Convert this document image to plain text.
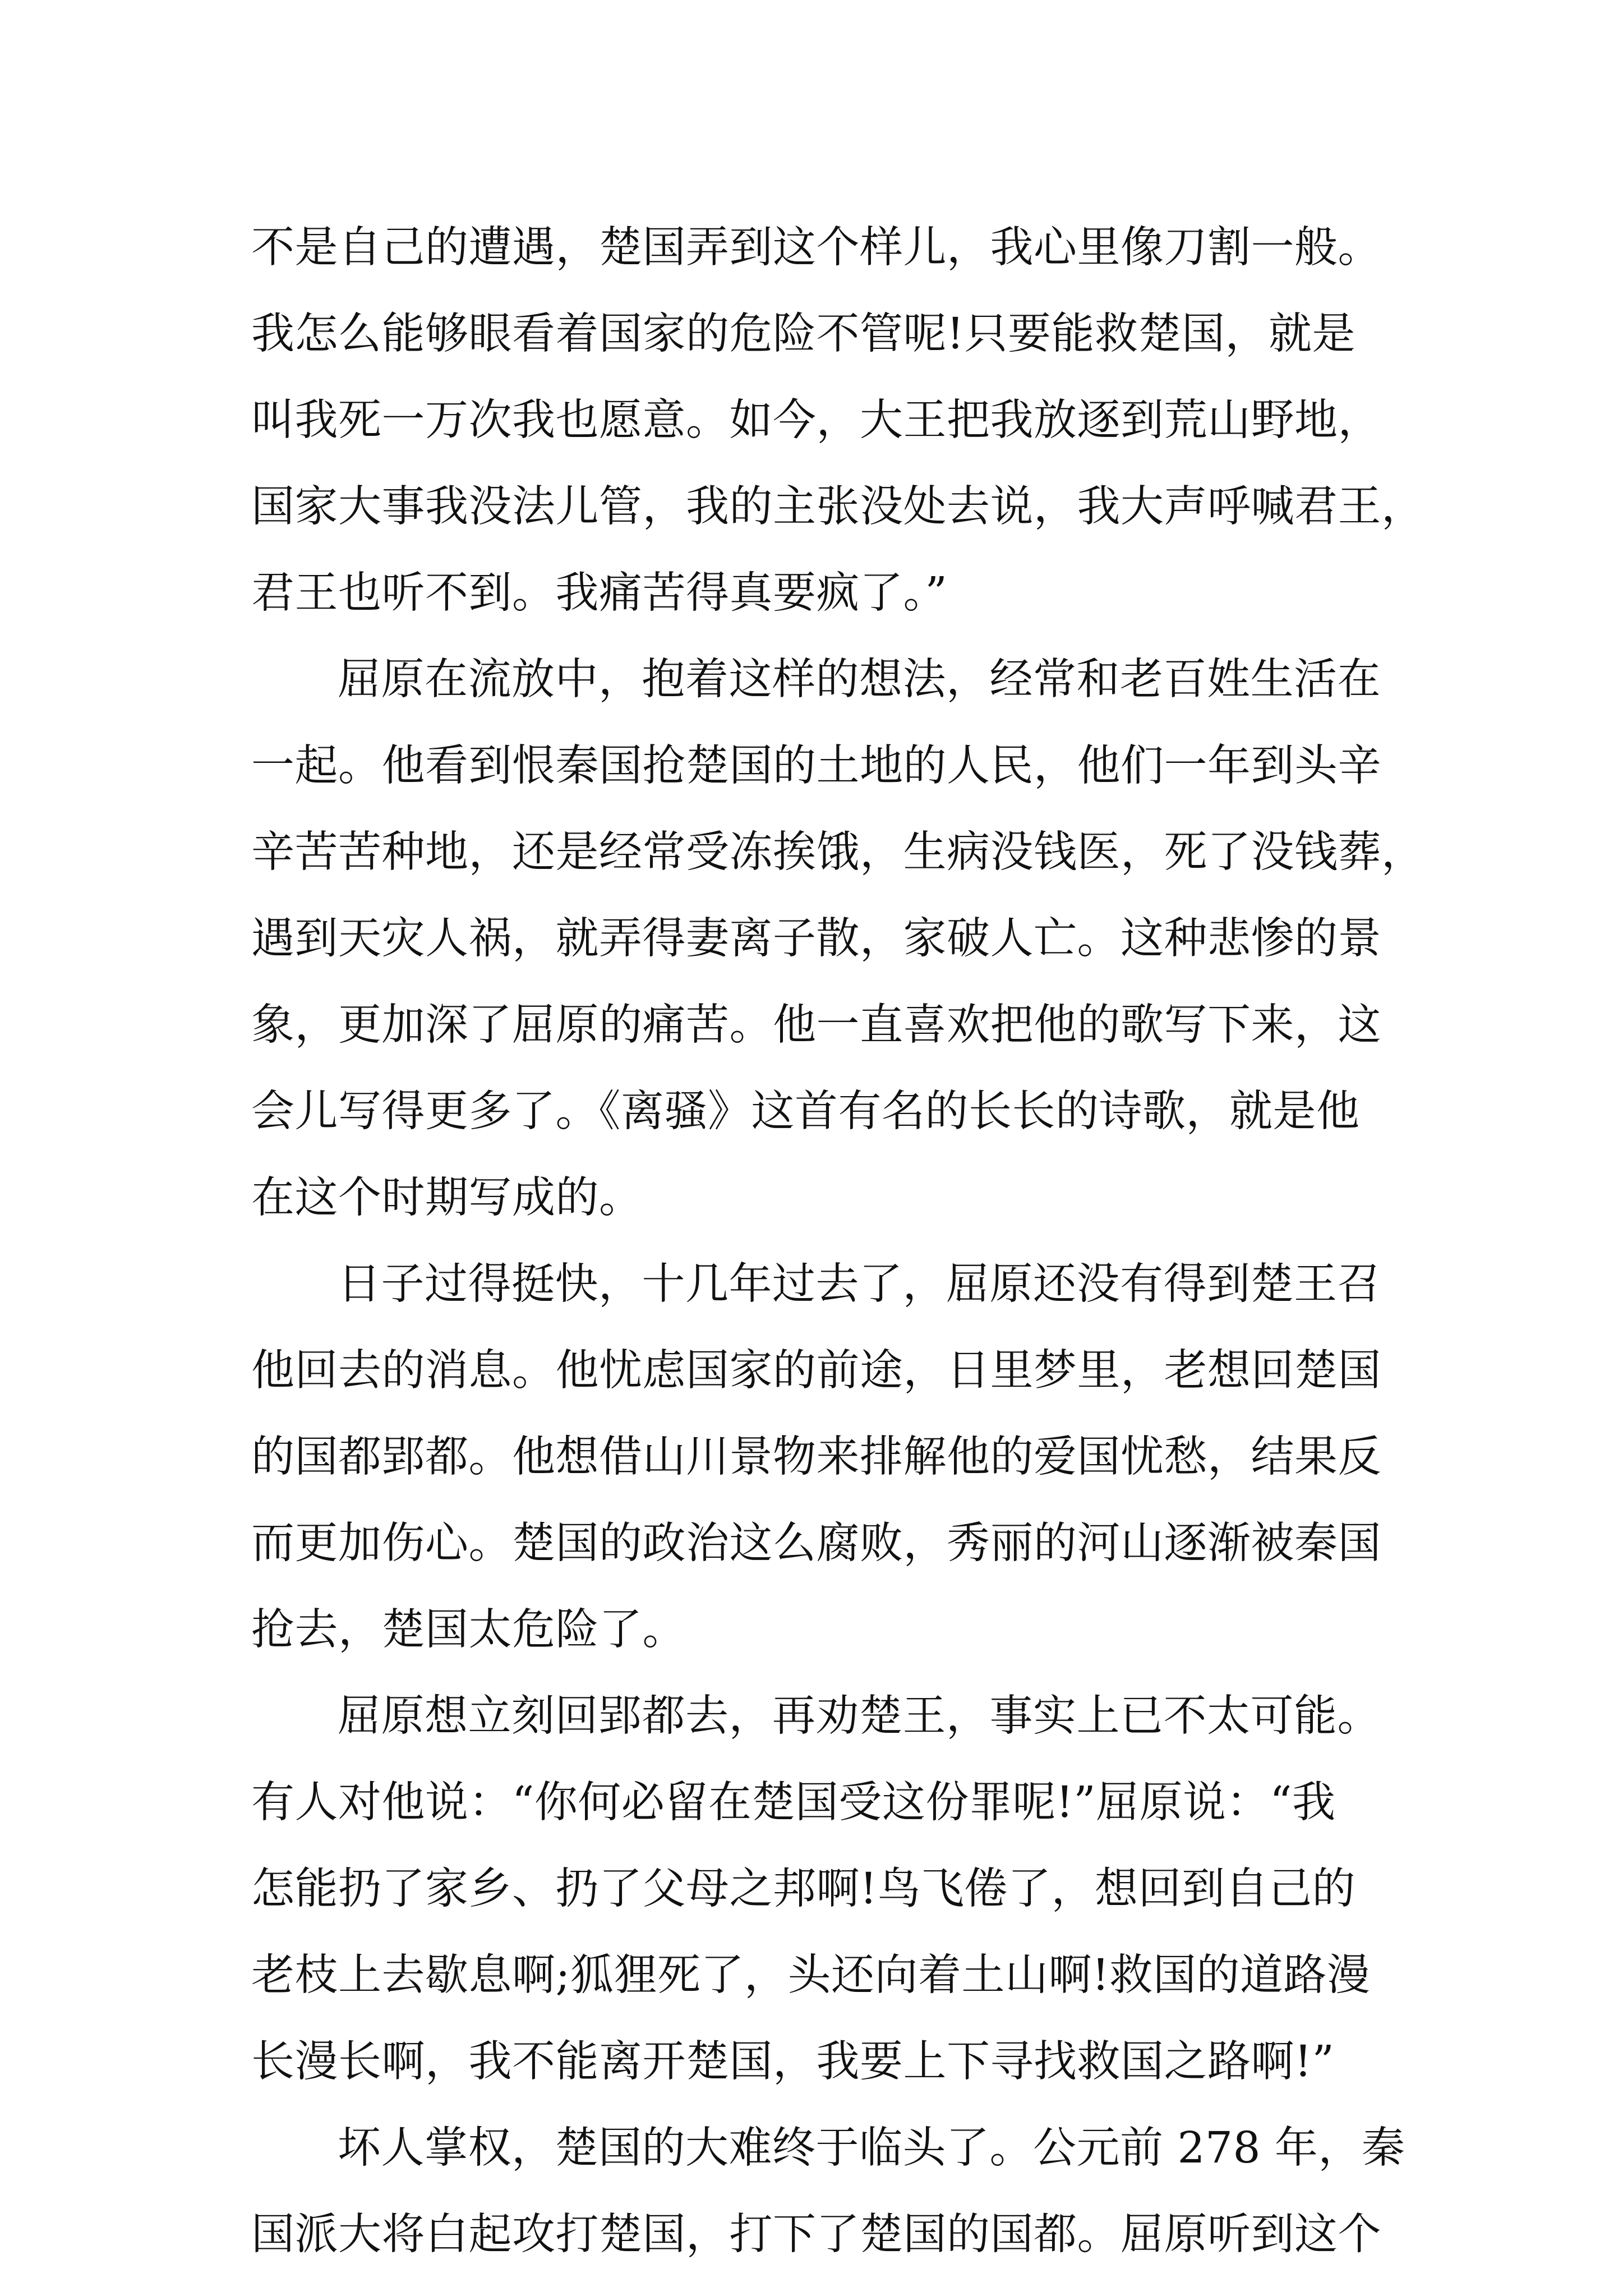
不是自己的遭遇，楚国弄到这个样儿，我心里像刀割一般。
我怎么能够眼看着国家的危险不管呢!只要能救楚国，就是
叫我死一万次我也愿意。如今，大王把我放逐到荒山野地，
国家大事我没法儿管，我的主张没处去说，我大声呼喊君王，
君王也听不到。我痛苦得真要疯了。”
屈原在流放中，抱着这样的想法，经常和老百姓生活在
一起。他看到恨秦国抢楚国的土地的人民，他们一年到头辛
辛苦苦种地，还是经常受冻挨饿，生病没钱医，死了没钱葬，
遇到天灾人祸，就弄得妻离子散，家破人亡。这种悲惨的景
象，更加深了屈原的痛苦。他一直喜欢把他的歌写下来，这
会儿写得更多了。《离骚》这首有名的长长的诗歌，就是他
在这个时期写成的。
日子过得挺快，十几年过去了，屈原还没有得到楚王召
他回去的消息。他忧虑国家的前途，日里梦里，老想回楚国
的国都郢都。他想借山川景物来排解他的爱国忧愁，结果反
而更加伤心。楚国的政治这么腐败，秀丽的河山逐渐被秦国
抢去，楚国太危险了。
屈原想立刻回郢都去，再劝楚王，事实上已不太可能。
有人对他说：“你何必留在楚国受这份罪呢!”屈原说：“我
怎能扔了家乡、扔了父母之邦啊!鸟飞倦了，想回到自己的
老枝上去歇息啊;狐狸死了，头还向着土山啊!救国的道路漫
长漫长啊，我不能离开楚国，我要上下寻找救国之路啊!”
坏人掌权，楚国的大难终于临头了。公元前 278 年，秦
国派大将白起攻打楚国，打下了楚国的国都。屈原听到这个
